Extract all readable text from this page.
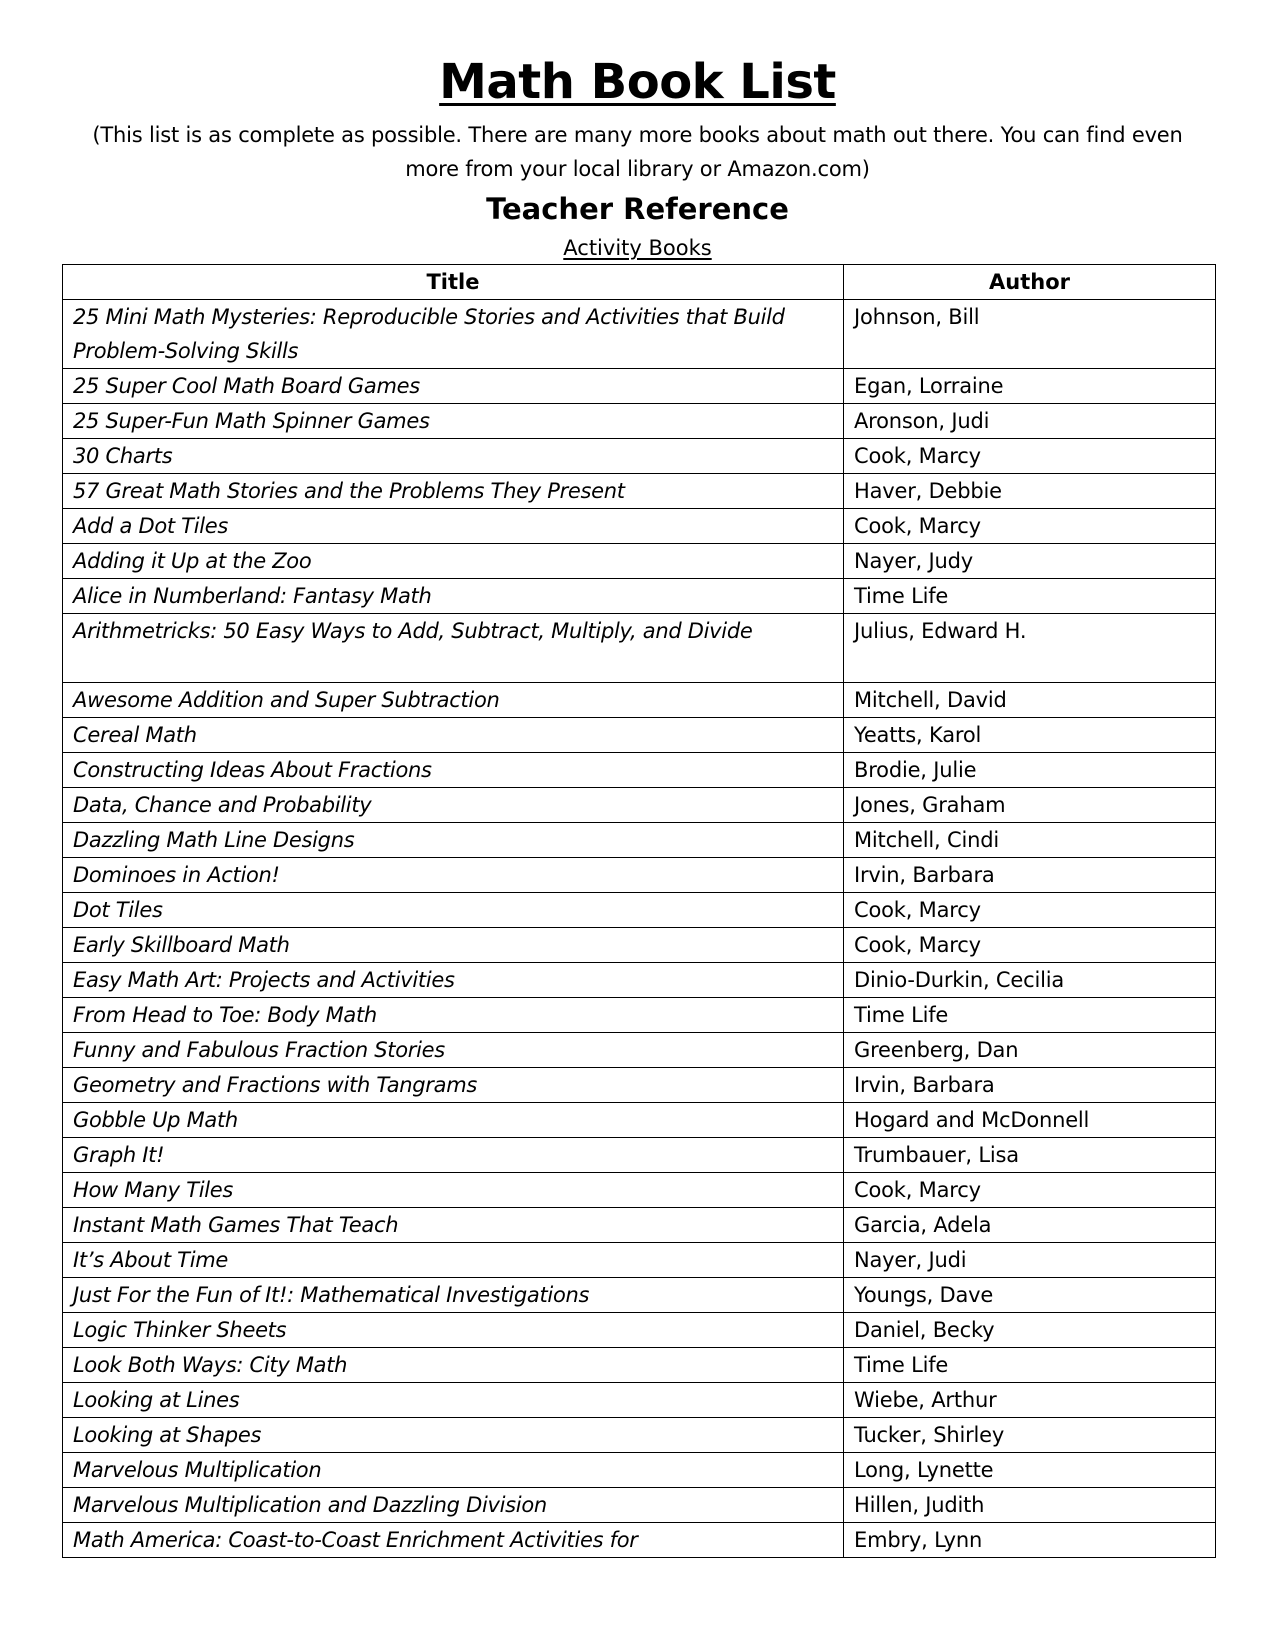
Math Book List
(This list is as complete as possible. There are many more books about math out there. You can find even more from your local library or Amazon.com)
Teacher Reference
Activity Books
Title	Author
25 Mini Math Mysteries: Reproducible Stories and Activities that Build Problem-Solving Skills	Johnson, Bill
25 Super Cool Math Board Games	Egan, Lorraine
25 Super-Fun Math Spinner Games	Aronson, Judi
30 Charts	Cook, Marcy
57 Great Math Stories and the Problems They Present	Haver, Debbie
Add a Dot Tiles	Cook, Marcy
Adding it Up at the Zoo	Nayer, Judy
Alice in Numberland: Fantasy Math	Time Life
Arithmetricks: 50 Easy Ways to Add, Subtract, Multiply, and Divide	Julius, Edward H.
Awesome Addition and Super Subtraction	Mitchell, David
Cereal Math	Yeatts, Karol
Constructing Ideas About Fractions	Brodie, Julie
Data, Chance and Probability	Jones, Graham
Dazzling Math Line Designs	Mitchell, Cindi
Dominoes in Action!	Irvin, Barbara
Dot Tiles	Cook, Marcy
Early Skillboard Math	Cook, Marcy
Easy Math Art: Projects and Activities	Dinio-Durkin, Cecilia
From Head to Toe: Body Math	Time Life
Funny and Fabulous Fraction Stories	Greenberg, Dan
Geometry and Fractions with Tangrams	Irvin, Barbara
Gobble Up Math	Hogard and McDonnell
Graph It!	Trumbauer, Lisa
How Many Tiles	Cook, Marcy
Instant Math Games That Teach	Garcia, Adela
It’s About Time	Nayer, Judi
Just For the Fun of It!: Mathematical Investigations	Youngs, Dave
Logic Thinker Sheets	Daniel, Becky
Look Both Ways: City Math	Time Life
Looking at Lines	Wiebe, Arthur
Looking at Shapes	Tucker, Shirley
Marvelous Multiplication	Long, Lynette
Marvelous Multiplication and Dazzling Division	Hillen, Judith
Math America: Coast-to-Coast Enrichment Activities for	Embry, Lynn
